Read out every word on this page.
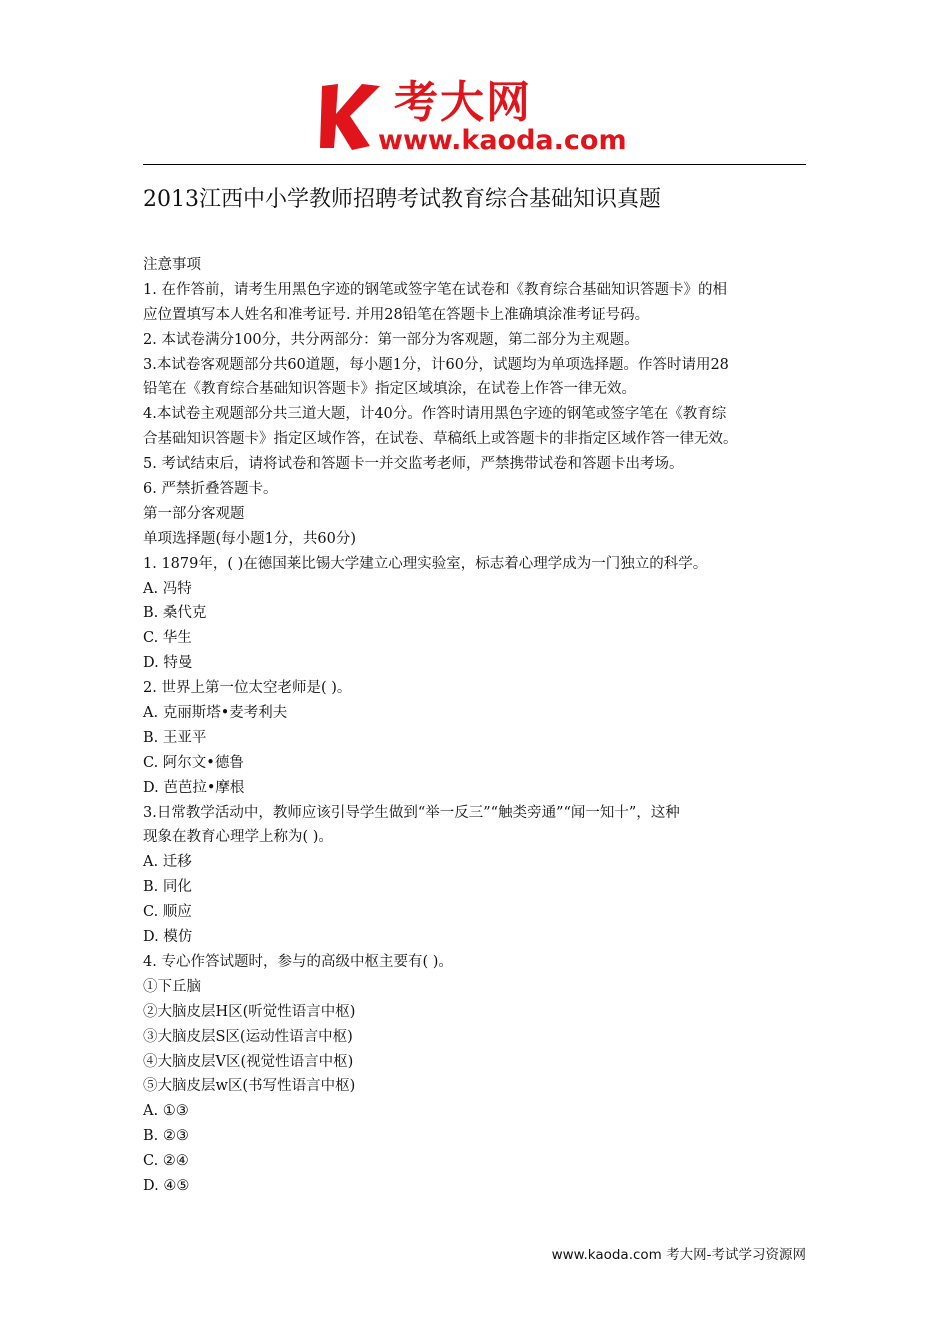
考大网
www.kaoda.com
2013江西中小学教师招聘考试教育综合基础知识真题
注意事项
1. 在作答前，请考生用黑色字迹的钢笔或签字笔在试卷和《教育综合基础知识答题卡》的相
应位置填写本人姓名和准考证号. 并用28铅笔在答题卡上准确填涂准考证号码。
2. 本试卷满分100分，共分两部分：第一部分为客观题，第二部分为主观题。
3.本试卷客观题部分共60道题，每小题1分，计60分，试题均为单项选择题。作答时请用28
铅笔在《教育综合基础知识答题卡》指定区域填涂，在试卷上作答一律无效。
4.本试卷主观题部分共三道大题，计40分。作答时请用黑色字迹的钢笔或签字笔在《教育综
合基础知识答题卡》指定区域作答，在试卷、草稿纸上或答题卡的非指定区域作答一律无效。
5. 考试结束后，请将试卷和答题卡一并交监考老师，严禁携带试卷和答题卡出考场。
6. 严禁折叠答题卡。
第一部分客观题
单项选择题(每小题1分，共60分)
1. 1879年，( )在德国莱比锡大学建立心理实验室，标志着心理学成为一门独立的科学。
A. 冯特
B. 桑代克
C. 华生
D. 特曼
2. 世界上第一位太空老师是( )。
A. 克丽斯塔•麦考利夫
B. 王亚平
C. 阿尔文•德鲁
D. 芭芭拉•摩根
3.日常教学活动中，教师应该引导学生做到“举一反三”“触类旁通”“闻一知十”，这种
现象在教育心理学上称为( )。
A. 迁移
B. 同化
C. 顺应
D. 模仿
4. 专心作答试题时，参与的高级中枢主要有( )。
①下丘脑
②大脑皮层H区(听觉性语言中枢)
③大脑皮层S区(运动性语言中枢)
④大脑皮层V区(视觉性语言中枢)
⑤大脑皮层w区(书写性语言中枢)
A. ①③
B. ②③
C. ②④
D. ④⑤
www.kaoda.com 考大网-考试学习资源网
